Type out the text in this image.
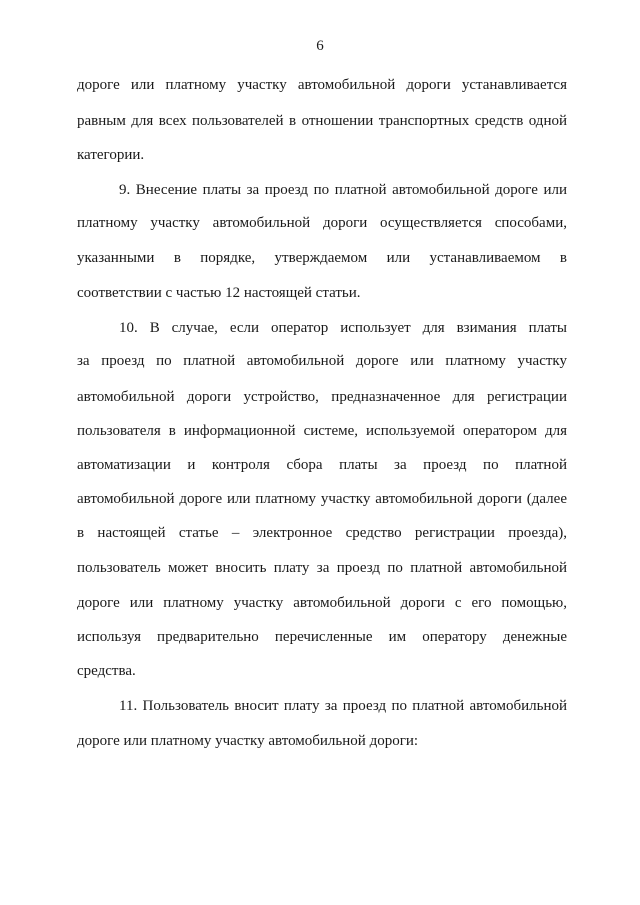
6
дороге или платному участку автомобильной дороги устанавливается
равным для всех пользователей в отношении транспортных средств одной
категории.
9. Внесение платы за проезд по платной автомобильной дороге или
платному участку автомобильной дороги осуществляется способами,
указанными в порядке, утверждаемом или устанавливаемом в
соответствии с частью 12 настоящей статьи.
10. В случае, если оператор использует для взимания платы
за проезд по платной автомобильной дороге или платному участку
автомобильной дороги устройство, предназначенное для регистрации
пользователя в информационной системе, используемой оператором для
автоматизации и контроля сбора платы за проезд по платной
автомобильной дороге или платному участку автомобильной дороги (далее
в настоящей статье – электронное средство регистрации проезда),
пользователь может вносить плату за проезд по платной автомобильной
дороге или платному участку автомобильной дороги с его помощью,
используя предварительно перечисленные им оператору денежные
средства.
11. Пользователь вносит плату за проезд по платной автомобильной
дороге или платному участку автомобильной дороги:
